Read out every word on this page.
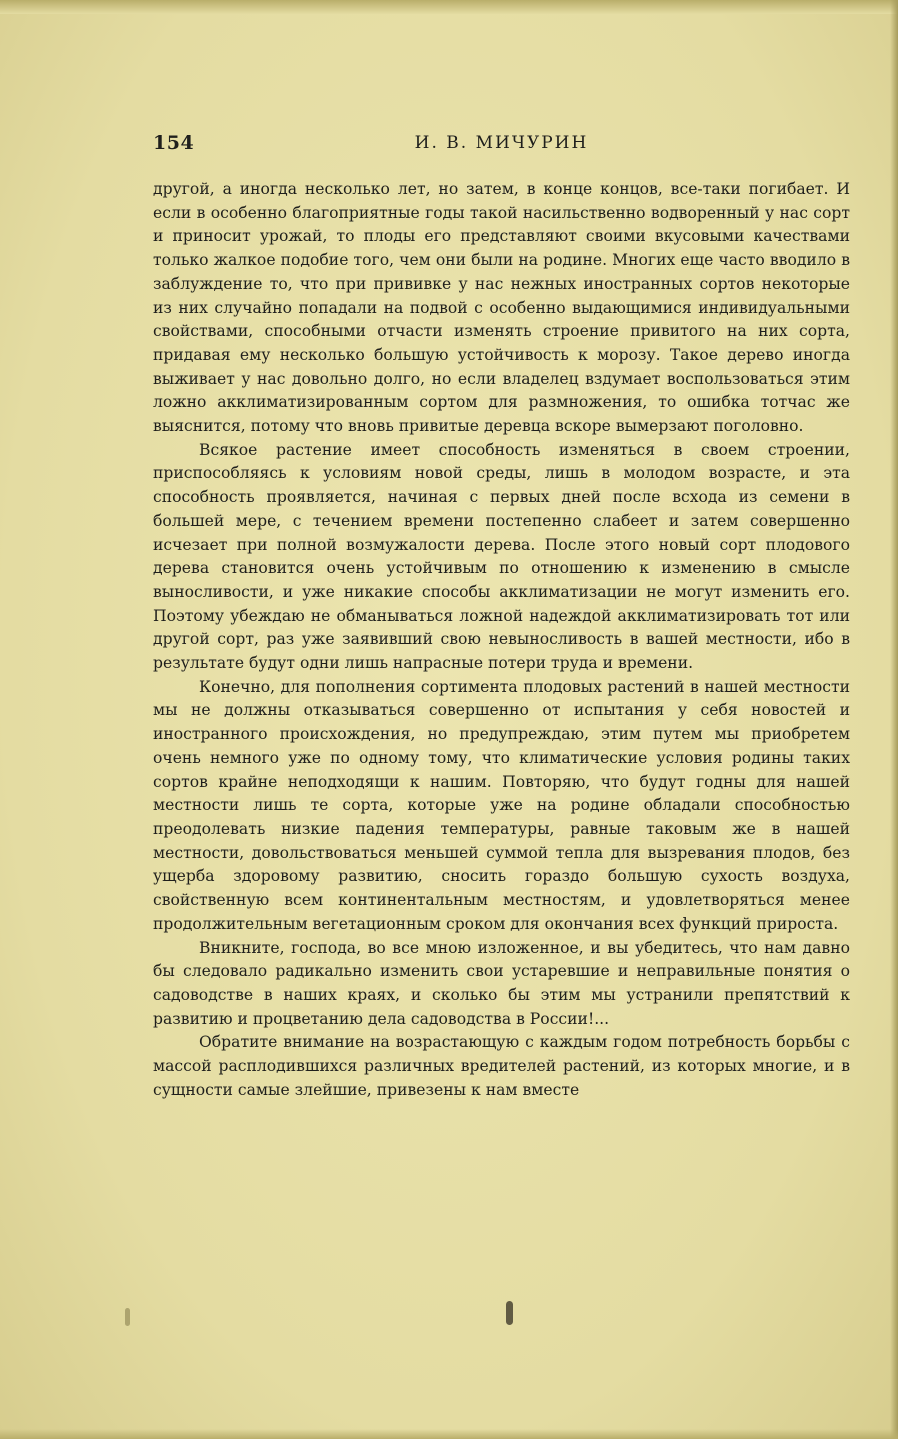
154	И. В. МИЧУРИН

другой, а иногда несколько лет, но затем, в конце концов, все-таки погибает. И если в особенно благоприятные годы такой насильственно водворенный у нас сорт и приносит урожай, то плоды его представляют своими вкусовыми качествами только жалкое подобие того, чем они были на родине. Многих еще часто вводило в заблуждение то, что при прививке у нас нежных иностранных сортов некоторые из них случайно попадали на подвой с особенно выдающимися индивидуальными свойствами, способными отчасти изменять строение привитого на них сорта, придавая ему несколько большую устойчивость к морозу. Такое дерево иногда выживает у нас довольно долго, но если владелец вздумает воспользоваться этим ложно акклиматизированным сортом для размножения, то ошибка тотчас же выяснится, потому что вновь привитые деревца вскоре вымерзают поголовно.

Всякое растение имеет способность изменяться в своем строении, приспособляясь к условиям новой среды, лишь в молодом возрасте, и эта способность проявляется, начиная с первых дней после всхода из семени в большей мере, с течением времени постепенно слабеет и затем совершенно исчезает при полной возмужалости дерева. После этого новый сорт плодового дерева становится очень устойчивым по отношению к изменению в смысле выносливости, и уже никакие способы акклиматизации не могут изменить его. Поэтому убеждаю не обманываться ложной надеждой акклиматизировать тот или другой сорт, раз уже заявивший свою невыносливость в вашей местности, ибо в результате будут одни лишь напрасные потери труда и времени.

Конечно, для пополнения сортимента плодовых растений в нашей местности мы не должны отказываться совершенно от испытания у себя новостей и иностранного происхождения, но предупреждаю, этим путем мы приобретем очень немного уже по одному тому, что климатические условия родины таких сортов крайне неподходящи к нашим. Повторяю, что будут годны для нашей местности лишь те сорта, которые уже на родине обладали способностью преодолевать низкие падения температуры, равные таковым же в нашей местности, довольствоваться меньшей суммой тепла для вызревания плодов, без ущерба здоровому развитию, сносить гораздо большую сухость воздуха, свойственную всем континентальным местностям, и удовлетворяться менее продолжительным вегетационным сроком для окончания всех функций прироста.

Вникните, господа, во все мною изложенное, и вы убедитесь, что нам давно бы следовало радикально изменить свои устаревшие и неправильные понятия о садоводстве в наших краях, и сколько бы этим мы устранили препятствий к развитию и процветанию дела садоводства в России!...

Обратите внимание на возрастающую с каждым годом потребность борьбы с массой расплодившихся различных вредителей растений, из которых многие, и в сущности самые злейшие, привезены к нам вместе
